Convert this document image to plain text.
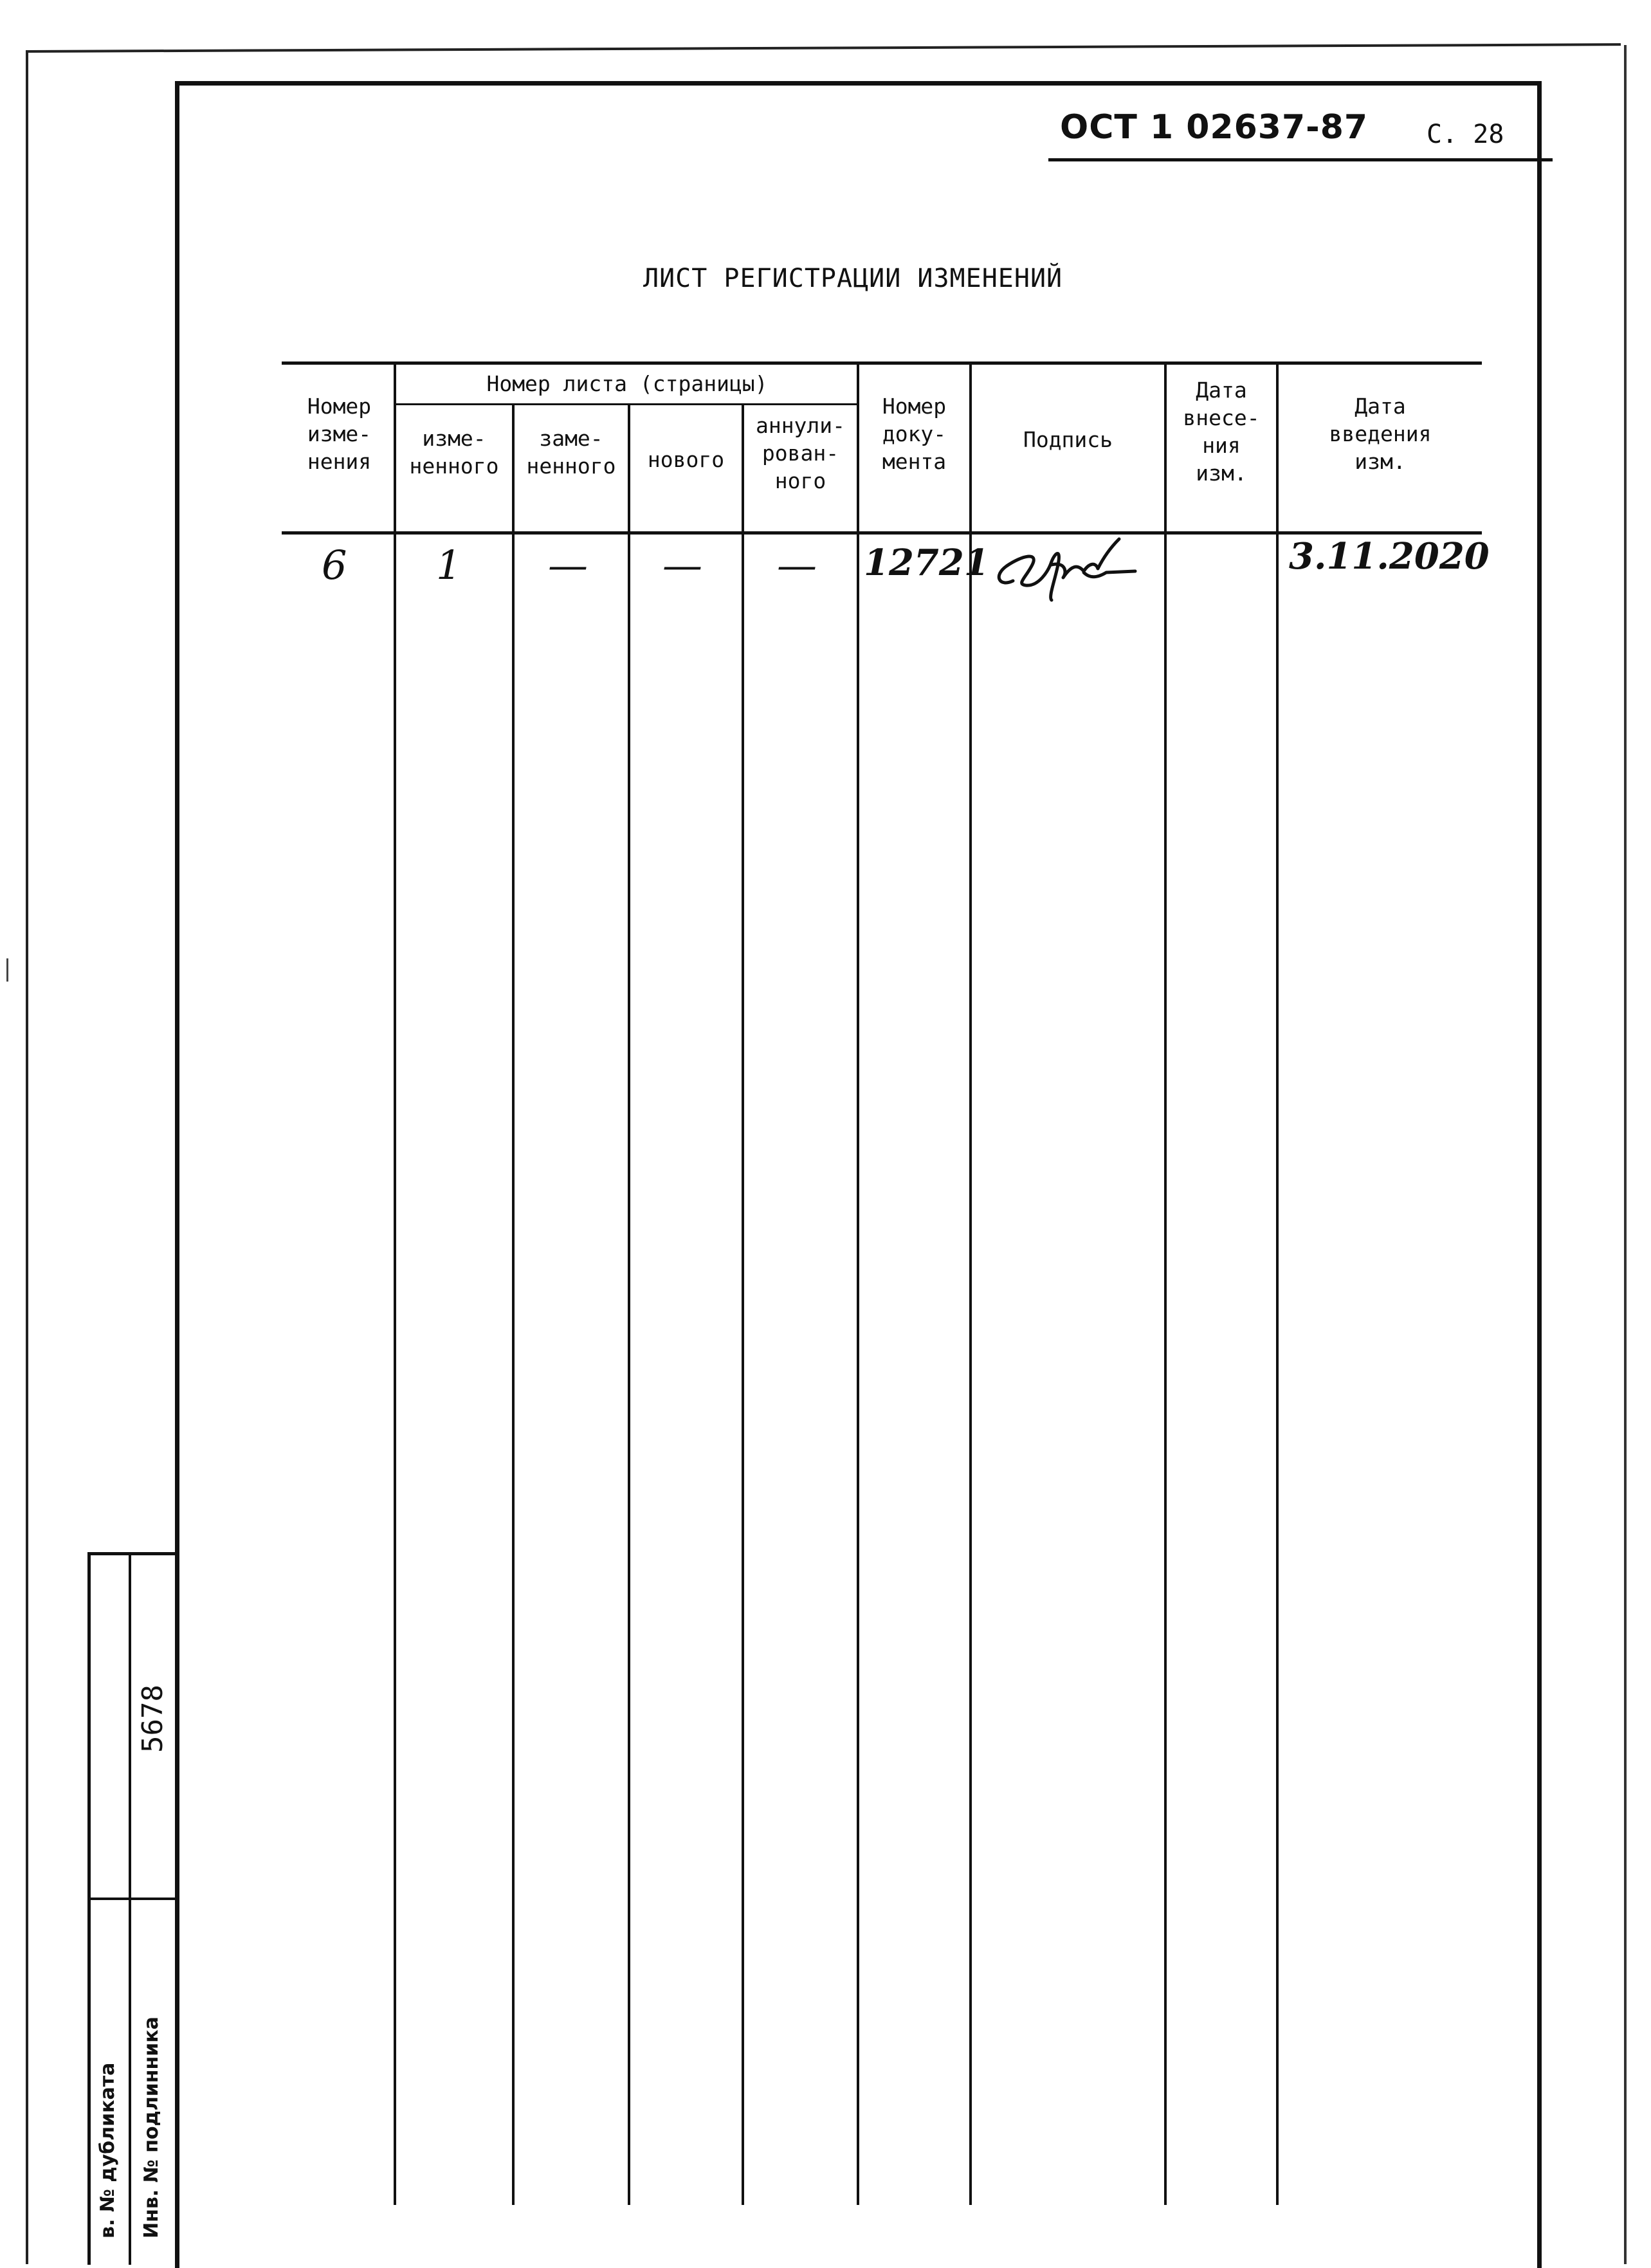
ОСТ 1 02637-87 С. 28
ЛИСТ РЕГИСТРАЦИИ ИЗМЕНЕНИЙ
Номер
изме-
нения
Номер листа (страницы)
изме-
ненного
заме-
ненного	нового
аннули-
рован-
ного
Номер
доку-
мента
Подпись
Дата
внесе-
ния
изм.
Дата
введения
изм.
6 1 — — — 12721	3.11.2020
в. № дубликата Инв. № подлинника
5678
